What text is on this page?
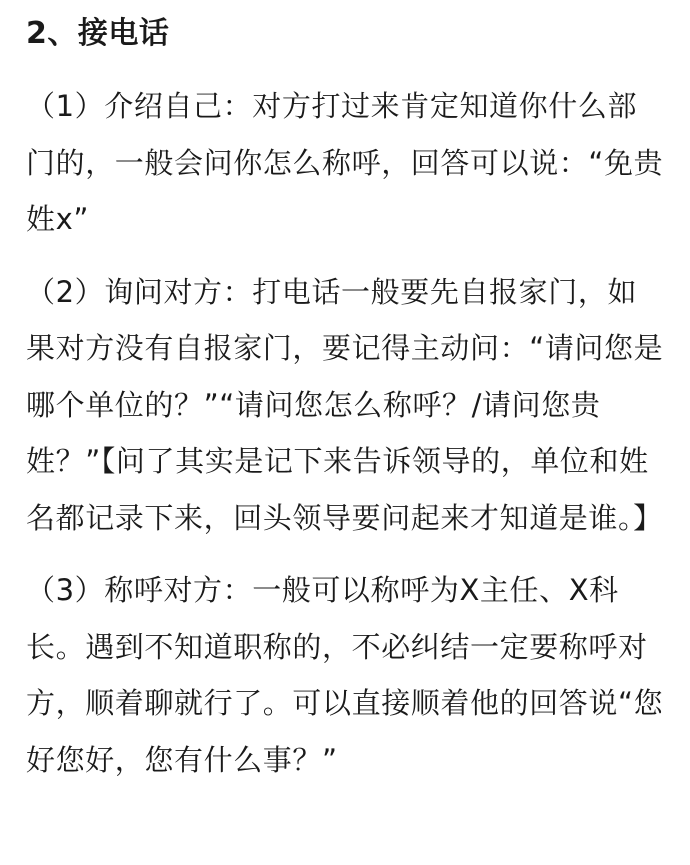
2、接电话

（1）介绍自己：对方打过来肯定知道你什么部门的，一般会问你怎么称呼，回答可以说：“免贵姓x”

（2）询问对方：打电话一般要先自报家门，如果对方没有自报家门，要记得主动问：“请问您是哪个单位的？”“请问您怎么称呼？/请问您贵姓？”【问了其实是记下来告诉领导的，单位和姓名都记录下来，回头领导要问起来才知道是谁。】

（3）称呼对方：一般可以称呼为X主任、X科长。遇到不知道职称的，不必纠结一定要称呼对方，顺着聊就行了。可以直接顺着他的回答说“您好您好，您有什么事？”
